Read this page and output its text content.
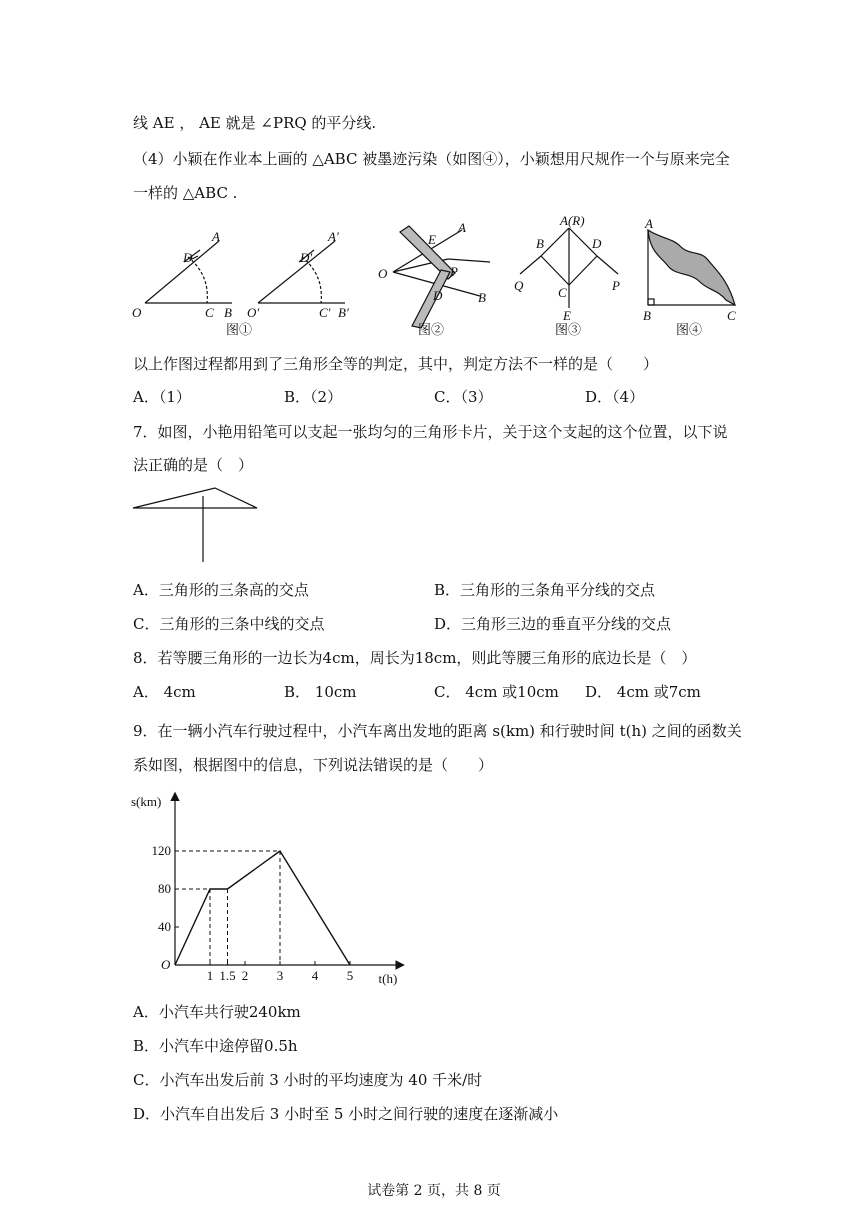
线 AE ， AE 就是 ∠PRQ 的平分线.
（4）小颖在作业本上画的 △ABC 被墨迹污染（如图④），小颖想用尺规作一个与原来完全
一样的 △ABC .
O
A
D
C B O′
A′
D′
C′ B′
O
E
A
P
D	B
A(R)
B	D
Q	P
C
E
A
B	C
图①	图②	图③	图④
以上作图过程都用到了三角形全等的判定，其中，判定方法不一样的是（　　）
A．（1）	B．（2）	C．（3）	D．（4）
7．如图，小艳用铅笔可以支起一张均匀的三角形卡片，关于这个支起的这个位置，以下说
法正确的是（　）
A．三角形的三条高的交点	B．三角形的三条角平分线的交点
C．三角形的三条中线的交点	D．三角形三边的垂直平分线的交点
8．若等腰三角形的一边长为4cm，周长为18cm，则此等腰三角形的底边长是（　）
A． 4cm	B． 10cm	C． 4cm 或10cm D． 4cm 或7cm
9．在一辆小汽车行驶过程中，小汽车离出发地的距离 s(km) 和行驶时间 t(h) 之间的函数关
系如图，根据图中的信息，下列说法错误的是（　　）
1 1.5 2 3 4 5
40
80
120
O
s(km)
t(h)
A．小汽车共行驶240km
B．小汽车中途停留0.5h
C．小汽车出发后前 3 小时的平均速度为 40 千米/时
D．小汽车自出发后 3 小时至 5 小时之间行驶的速度在逐渐减小
试卷第 2 页，共 8 页
